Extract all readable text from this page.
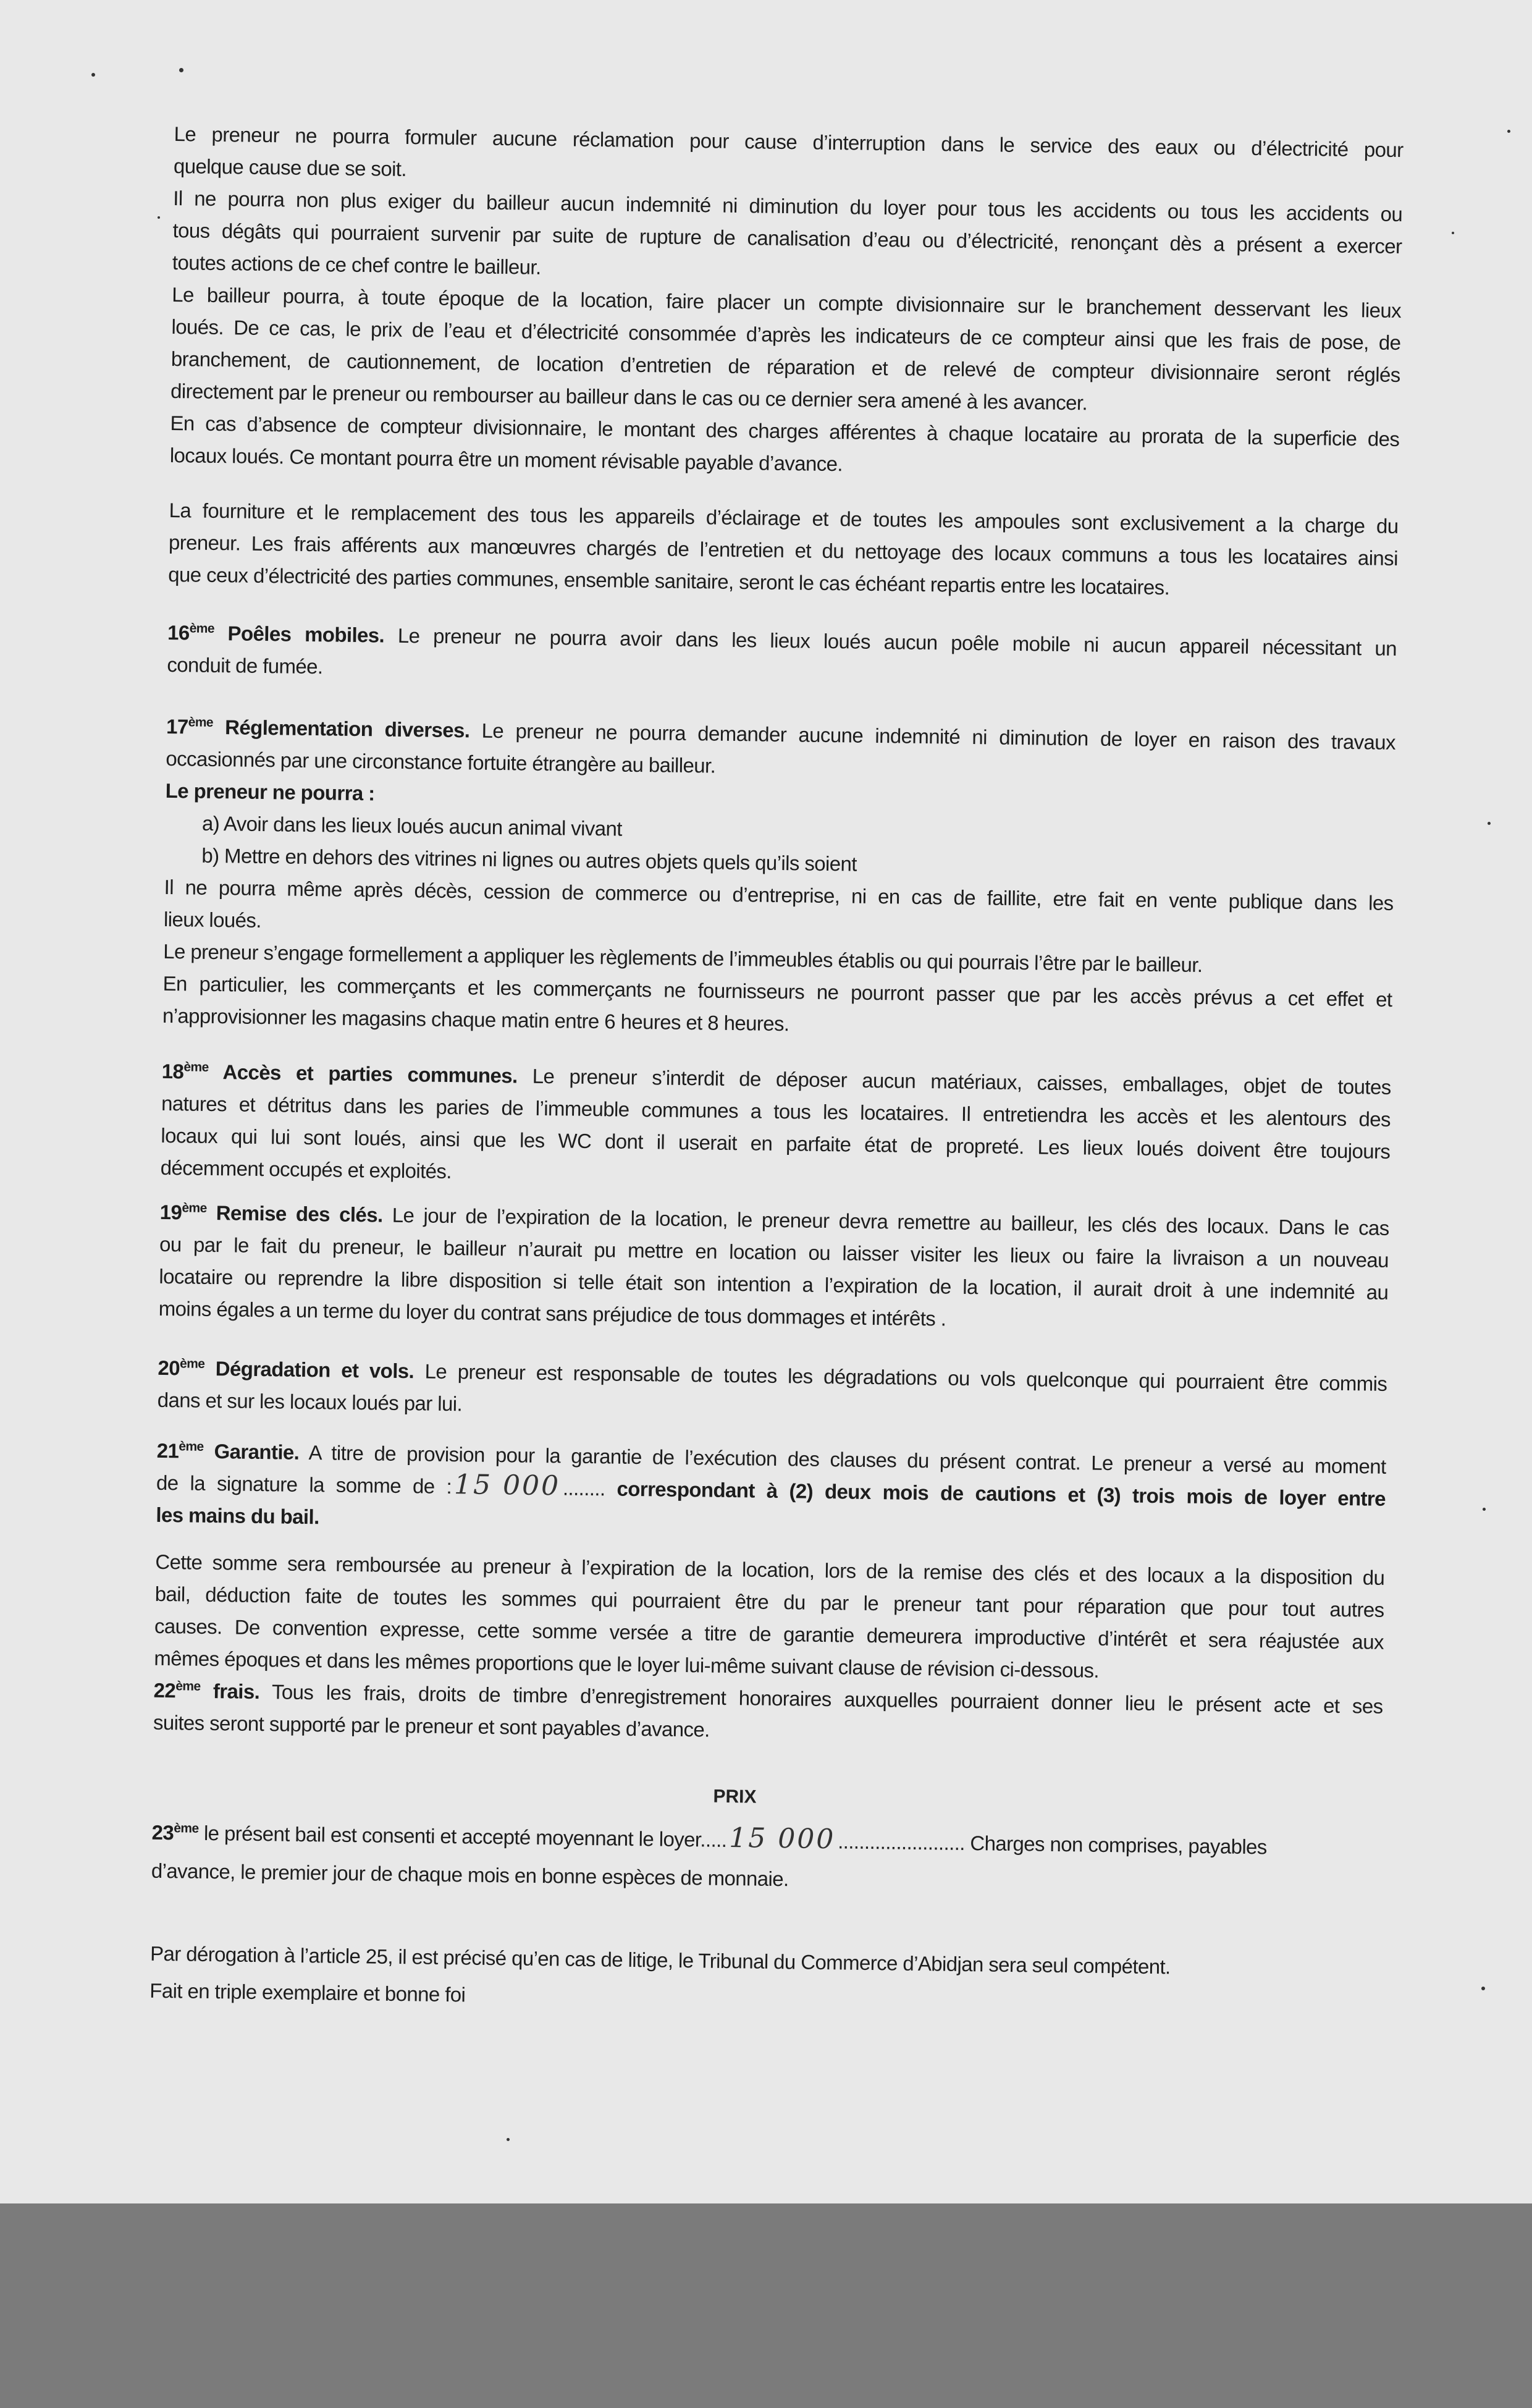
PRIX
Le preneur ne pourra formuler aucune réclamation pour cause d’interruption dans le service des eaux ou d’électricité pour
quelque cause due se soit.
Il ne pourra non plus exiger du bailleur aucun indemnité ni diminution du loyer pour tous les accidents ou tous les accidents ou
tous dégâts qui pourraient survenir par suite de rupture de canalisation d’eau ou d’électricité, renonçant dès a présent a exercer
toutes actions de ce chef contre le bailleur.
Le bailleur pourra, à toute époque de la location, faire placer un compte divisionnaire sur le branchement desservant les lieux
loués. De ce cas, le prix de l’eau et d’électricité consommée d’après les indicateurs de ce compteur ainsi que les frais de pose, de
branchement, de cautionnement, de location d’entretien de réparation et de relevé de compteur divisionnaire seront réglés
directement par le preneur ou rembourser au bailleur dans le cas ou ce dernier sera amené à les avancer.
En cas d’absence de compteur divisionnaire, le montant des charges afférentes à chaque locataire au prorata de la superficie des
locaux loués. Ce montant pourra être un moment révisable payable d’avance.
La fourniture et le remplacement des tous les appareils d’éclairage et de toutes les ampoules sont exclusivement a la charge du
preneur. Les frais afférents aux manœuvres chargés de l’entretien et du nettoyage des locaux communs a tous les locataires ainsi
que ceux d’électricité des parties communes, ensemble sanitaire, seront le cas échéant repartis entre les locataires.
16ème Poêles mobiles. Le preneur ne pourra avoir dans les lieux loués aucun poêle mobile ni aucun appareil nécessitant un
conduit de fumée.
17ème Réglementation diverses. Le preneur ne pourra demander aucune indemnité ni diminution de loyer en raison des travaux
occasionnés par une circonstance fortuite étrangère au bailleur.
Le preneur ne pourra :
a) Avoir dans les lieux loués aucun animal vivant
b) Mettre en dehors des vitrines ni lignes ou autres objets quels qu’ils soient
Il ne pourra même après décès, cession de commerce ou d’entreprise, ni en cas de faillite, etre fait en vente publique dans les
lieux loués.
Le preneur s’engage formellement a appliquer les règlements de l’immeubles établis ou qui pourrais l’être par le bailleur.
En particulier, les commerçants et les commerçants ne fournisseurs ne pourront passer que par les accès prévus a cet effet et
n’approvisionner les magasins chaque matin entre 6 heures et 8 heures.
18ème Accès et parties communes. Le preneur s’interdit de déposer aucun matériaux, caisses, emballages, objet de toutes
natures et détritus dans les paries de l’immeuble communes a tous les locataires. Il entretiendra les accès et les alentours des
locaux qui lui sont loués, ainsi que les WC dont il userait en parfaite état de propreté. Les lieux loués doivent être toujours
décemment occupés et exploités.
19ème Remise des clés. Le jour de l’expiration de la location, le preneur devra remettre au bailleur, les clés des locaux. Dans le cas
ou par le fait du preneur, le bailleur n’aurait pu mettre en location ou laisser visiter les lieux ou faire la livraison a un nouveau
locataire ou reprendre la libre disposition si telle était son intention a l’expiration de la location, il aurait droit à une indemnité au
moins égales a un terme du loyer du contrat sans préjudice de tous dommages et intérêts .
20ème Dégradation et vols. Le preneur est responsable de toutes les dégradations ou vols quelconque qui pourraient être commis
dans et sur les locaux loués par lui.
21ème Garantie. A titre de provision pour la garantie de l’exécution des clauses du présent contrat. Le preneur a versé au moment
de la signature la somme de :15 000 ........ correspondant à (2) deux mois de cautions et (3) trois mois de loyer entre
les mains du bail.
Cette somme sera remboursée au preneur à l’expiration de la location, lors de la remise des clés et des locaux a la disposition du
bail, déduction faite de toutes les sommes qui pourraient être du par le preneur tant pour réparation que pour tout autres
causes. De convention expresse, cette somme versée a titre de garantie demeurera improductive d’intérêt et sera réajustée aux
mêmes époques et dans les mêmes proportions que le loyer lui-même suivant clause de révision ci-dessous.
22ème frais. Tous les frais, droits de timbre d’enregistrement honoraires auxquelles pourraient donner lieu le présent acte et ses
suites seront supporté par le preneur et sont payables d’avance.
23ème le présent bail est consenti et accepté moyennant le loyer.....15 000 ........................ Charges non comprises, payables
d’avance, le premier jour de chaque mois en bonne espèces de monnaie.
Par dérogation à l’article 25, il est précisé qu’en cas de litige, le Tribunal du Commerce d’Abidjan sera seul compétent.
Fait en triple exemplaire et bonne foi
